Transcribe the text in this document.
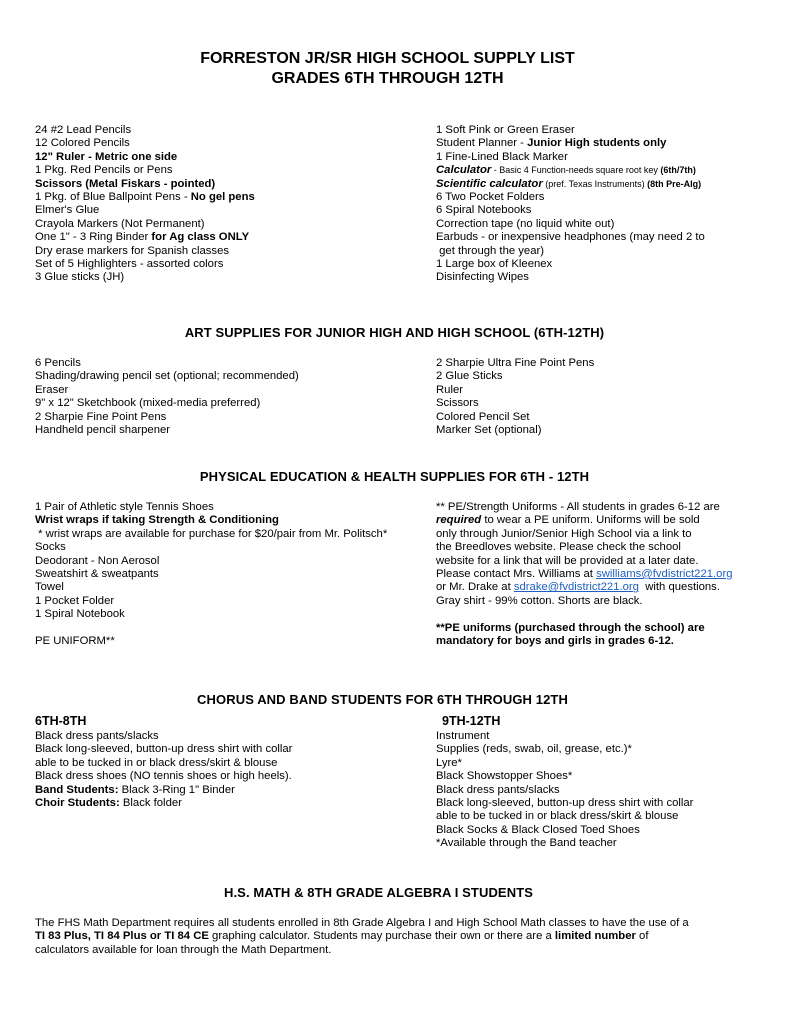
FORRESTON JR/SR HIGH SCHOOL SUPPLY LIST
GRADES 6TH THROUGH 12TH
24 #2 Lead Pencils
12 Colored Pencils
12" Ruler - Metric one side
1 Pkg. Red Pencils or Pens
Scissors (Metal Fiskars - pointed)
1 Pkg. of Blue Ballpoint Pens - No gel pens
Elmer's Glue
Crayola Markers (Not Permanent)
One 1" - 3 Ring Binder for Ag class ONLY
Dry erase markers for Spanish classes
Set of 5 Highlighters - assorted colors
3 Glue sticks (JH)
1 Soft Pink or Green Eraser
Student Planner - Junior High students only
1 Fine-Lined Black Marker
Calculator - Basic 4 Function-needs square root key (6th/7th)
Scientific calculator (pref. Texas Instruments) (8th Pre-Alg)
6 Two Pocket Folders
6 Spiral Notebooks
Correction tape (no liquid white out)
Earbuds - or inexpensive headphones (may need 2 to
get through the year)
1 Large box of Kleenex
Disinfecting Wipes
ART SUPPLIES FOR JUNIOR HIGH AND HIGH SCHOOL (6TH-12TH)
6 Pencils
Shading/drawing pencil set (optional; recommended)
Eraser
9" x 12" Sketchbook (mixed-media preferred)
2 Sharpie Fine Point Pens
Handheld pencil sharpener
2 Sharpie Ultra Fine Point Pens
2 Glue Sticks
Ruler
Scissors
Colored Pencil Set
Marker Set (optional)
PHYSICAL EDUCATION & HEALTH SUPPLIES FOR 6TH - 12TH
1 Pair of Athletic style Tennis Shoes
Wrist wraps if taking Strength & Conditioning
* wrist wraps are available for purchase for $20/pair from Mr. Politsch*
Socks
Deodorant - Non Aerosol
Sweatshirt & sweatpants
Towel
1 Pocket Folder
1 Spiral Notebook
PE UNIFORM**
** PE/Strength Uniforms - All students in grades 6-12 are
required to wear a PE uniform. Uniforms will be sold
only through Junior/Senior High School via a link to
the Breedloves website. Please check the school
website for a link that will be provided at a later date.
Please contact Mrs. Williams at swilliams@fvdistrict221.org
or Mr. Drake at sdrake@fvdistrict221.org  with questions.
Gray shirt - 99% cotton. Shorts are black.
**PE uniforms (purchased through the school) are
mandatory for boys and girls in grades 6-12.
CHORUS AND BAND STUDENTS FOR 6TH THROUGH 12TH
6TH-8TH
Black dress pants/slacks
Black long-sleeved, button-up dress shirt with collar
able to be tucked in or black dress/skirt & blouse
Black dress shoes (NO tennis shoes or high heels).
Band Students: Black 3-Ring 1" Binder
Choir Students: Black folder
9TH-12TH
Instrument
Supplies (reds, swab, oil, grease, etc.)*
Lyre*
Black Showstopper Shoes*
Black dress pants/slacks
Black long-sleeved, button-up dress shirt with collar
able to be tucked in or black dress/skirt & blouse
Black Socks & Black Closed Toed Shoes
*Available through the Band teacher
H.S. MATH & 8TH GRADE ALGEBRA I STUDENTS
The FHS Math Department requires all students enrolled in 8th Grade Algebra I and High School Math classes to have the use of a
TI 83 Plus, TI 84 Plus or TI 84 CE graphing calculator. Students may purchase their own or there are a limited number of
calculators available for loan through the Math Department.
